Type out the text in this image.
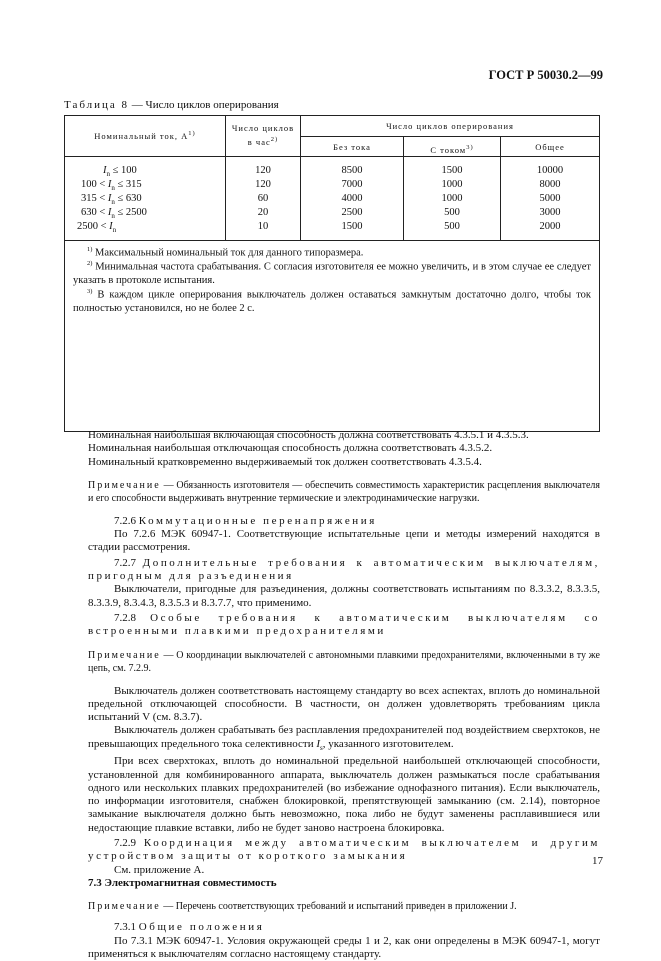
ГОСТ Р 50030.2—99
Таблица 8 — Число циклов оперирования
Номинальный ток, $А^{1)}$
Число циклов
в час$^{2)}$
Число циклов оперирования
Без тока	С током$^{3)}$	Общее
$I_n \le 100$
$100 < I_n \le 315$
$315 < I_n \le 630$
$630 < I_n \le 2500$
$2500 < I_n$
120
120
60
20
10
8500
7000
4000
2500
1500
1500
1000
1000
500
500
10000
8000
5000
3000
2000
$^{1)}$ Максимальный номинальный ток для данного типоразмера.
$^{2)}$ Минимальная частота срабатывания. С согласия изготовителя ее можно увеличить, и в этом случае ее следует указать в протоколе испытания.
$^{3)}$ В каждом цикле оперирования выключатель должен оставаться замкнутым достаточно долго, чтобы ток полностью установился, но не более 2 с.

Номинальная наибольшая включающая способность должна соответствовать 4.3.5.1 и 4.3.5.3.

Номинальная наибольшая отключающая способность должна соответствовать 4.3.5.2.

Номинальный кратковременно выдерживаемый ток должен соответствовать 4.3.5.4.

Примечание — Обязанность изготовителя — обеспечить совместимость характеристик расцепления выключателя и его способности выдерживать внутренние термические и электродинамические нагрузки.

7.2.6 Коммутационные перенапряжения

По 7.2.6 МЭК 60947-1. Соответствующие испытательные цепи и методы измерений находятся в стадии рассмотрения.

7.2.7 Дополнительные требования к автоматическим выключателям, пригодным для разъединения

Выключатели, пригодные для разъединения, должны соответствовать испытаниям по 8.3.3.2, 8.3.3.5, 8.3.3.9, 8.3.4.3, 8.3.5.3 и 8.3.7.7, что применимо.

7.2.8 Особые требования к автоматическим выключателям со встроенными плавкими предохранителями

Примечание — О координации выключателей с автономными плавкими предохранителями, включенными в ту же цепь, см. 7.2.9.

Выключатель должен соответствовать настоящему стандарту во всех аспектах, вплоть до номинальной предельной отключающей способности. В частности, он должен удовлетворять требованиям цикла испытаний V (см. 8.3.7).

Выключатель должен срабатывать без расплавления предохранителей под воздействием сверхтоков, не превышающих предельного тока селективности $I_s$, указанного изготовителем.

При всех сверхтоках, вплоть до номинальной предельной наибольшей отключающей способности, установленной для комбинированного аппарата, выключатель должен размыкаться после срабатывания одного или нескольких плавких предохранителей (во избежание однофазного питания). Если выключатель, по информации изготовителя, снабжен блокировкой, препятствующей замыканию (см. 2.14), повторное замыкание выключателя должно быть невозможно, пока либо не будут заменены расплавившиеся или недостающие плавкие вставки, либо не будет заново настроена блокировка.

7.2.9 Координация между автоматическим выключателем и другим устройством защиты от короткого замыкания

См. приложение А.

7.3 Электромагнитная совместимость

Примечание — Перечень соответствующих требований и испытаний приведен в приложении J.

7.3.1 Общие положения

По 7.3.1 МЭК 60947-1. Условия окружающей среды 1 и 2, как они определены в МЭК 60947-1, могут применяться к выключателям согласно настоящему стандарту.

17
